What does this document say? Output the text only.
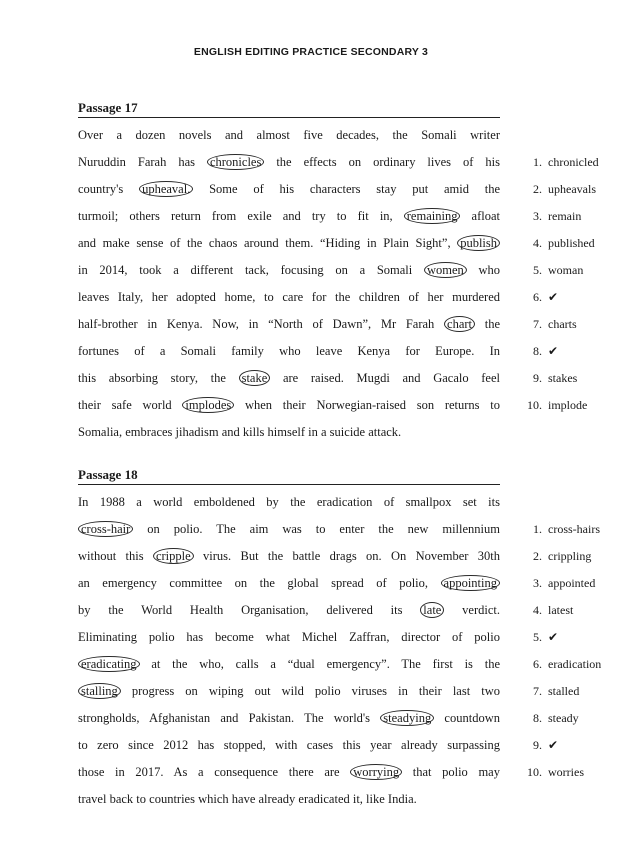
ENGLISH EDITING PRACTICE SECONDARY 3
Passage 17
Over a dozen novels and almost five decades, the Somali writer
Nuruddin Farah has chronicles the effects on ordinary lives of his	1. chronicled
country's upheaval. Some of his characters stay put amid the	2. upheavals
turmoil; others return from exile and try to fit in, remaining afloat	3. remain
and make sense of the chaos around them. “Hiding in Plain Sight”, publish	4. published
in 2014, took a different tack, focusing on a Somali women who	5. woman
leaves Italy, her adopted home, to care for the children of her murdered	6. ✔
half-brother in Kenya. Now, in “North of Dawn”, Mr Farah chart the	7. charts
fortunes of a Somali family who leave Kenya for Europe. In	8. ✔
this absorbing story, the stake are raised. Mugdi and Gacalo feel	9. stakes
their safe world implodes when their Norwegian-raised son returns to	10. implode
Somalia, embraces jihadism and kills himself in a suicide attack.
Passage 18
In 1988 a world emboldened by the eradication of smallpox set its
cross-hair on polio. The aim was to enter the new millennium	1. cross-hairs
without this cripple virus. But the battle drags on. On November 30th	2. crippling
an emergency committee on the global spread of polio, appointing	3. appointed
by the World Health Organisation, delivered its late verdict.	4. latest
Eliminating polio has become what Michel Zaffran, director of polio	5. ✔
eradicating at the who, calls a “dual emergency”. The first is the	6. eradication
stalling progress on wiping out wild polio viruses in their last two	7. stalled
strongholds, Afghanistan and Pakistan. The world's steadying countdown	8. steady
to zero since 2012 has stopped, with cases this year already surpassing	9. ✔
those in 2017. As a consequence there are worrying that polio may	10. worries
travel back to countries which have already eradicated it, like India.
